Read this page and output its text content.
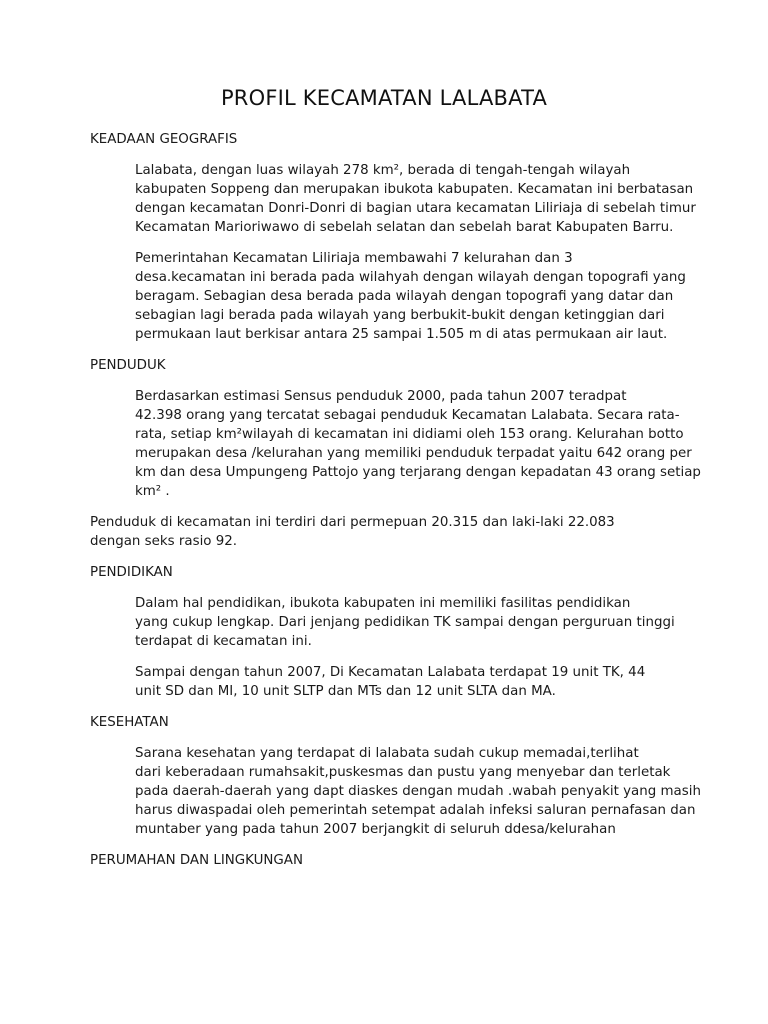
PROFIL KECAMATAN LALABATA
KEADAAN GEOGRAFIS
Lalabata, dengan luas wilayah 278 km², berada di tengah-tengah wilayah
kabupaten Soppeng dan merupakan ibukota kabupaten. Kecamatan ini berbatasan
dengan kecamatan Donri-Donri di bagian utara kecamatan Liliriaja di sebelah timur
Kecamatan Marioriwawo di sebelah selatan dan sebelah barat Kabupaten Barru.
Pemerintahan Kecamatan Liliriaja membawahi 7 kelurahan dan 3
desa.kecamatan ini berada pada wilahyah dengan wilayah dengan topografi yang
beragam. Sebagian desa berada pada wilayah dengan topografi yang datar dan
sebagian lagi berada pada wilayah yang berbukit-bukit dengan ketinggian dari
permukaan laut berkisar antara 25 sampai 1.505 m di atas permukaan air laut.
PENDUDUK
Berdasarkan estimasi Sensus penduduk 2000, pada tahun 2007 teradpat
42.398 orang yang tercatat sebagai penduduk Kecamatan Lalabata. Secara rata-
rata, setiap km²wilayah di kecamatan ini didiami oleh 153 orang. Kelurahan botto
merupakan desa /kelurahan yang memiliki penduduk terpadat yaitu 642 orang per
km dan desa Umpungeng Pattojo yang terjarang dengan kepadatan 43 orang setiap
km² .
Penduduk di kecamatan ini terdiri dari permepuan 20.315 dan laki-laki 22.083
dengan seks rasio 92.
PENDIDIKAN
Dalam hal pendidikan, ibukota kabupaten ini memiliki fasilitas pendidikan
yang cukup lengkap. Dari jenjang pedidikan TK sampai dengan perguruan tinggi
terdapat di kecamatan ini.
Sampai dengan tahun 2007, Di Kecamatan Lalabata terdapat 19 unit TK, 44
unit SD dan MI, 10 unit SLTP dan MTs dan 12 unit SLTA dan MA.
KESEHATAN
Sarana kesehatan yang terdapat di lalabata sudah cukup memadai,terlihat
dari keberadaan rumahsakit,puskesmas dan pustu yang menyebar dan terletak
pada daerah-daerah yang dapt diaskes dengan mudah .wabah penyakit yang masih
harus diwaspadai oleh pemerintah setempat adalah infeksi saluran pernafasan dan
muntaber yang pada tahun 2007 berjangkit di seluruh ddesa/kelurahan
PERUMAHAN DAN LINGKUNGAN
